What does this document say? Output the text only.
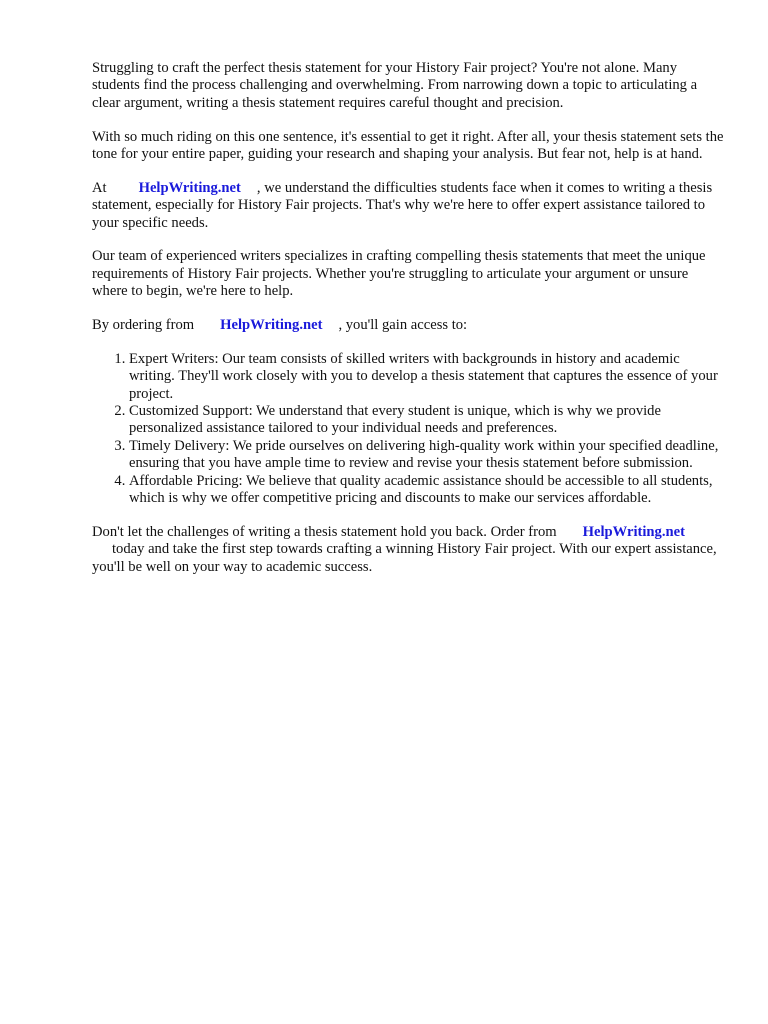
Struggling to craft the perfect thesis statement for your History Fair project? You're not alone. Many students find the process challenging and overwhelming. From narrowing down a topic to articulating a clear argument, writing a thesis statement requires careful thought and precision.

With so much riding on this one sentence, it's essential to get it right. After all, your thesis statement sets the tone for your entire paper, guiding your research and shaping your analysis. But fear not, help is at hand.

At HelpWriting.net , we understand the difficulties students face when it comes to writing a thesis statement, especially for History Fair projects. That's why we're here to offer expert assistance tailored to your specific needs.

Our team of experienced writers specializes in crafting compelling thesis statements that meet the unique requirements of History Fair projects. Whether you're struggling to articulate your argument or unsure where to begin, we're here to help.

By ordering from HelpWriting.net , you'll gain access to:

1. Expert Writers: Our team consists of skilled writers with backgrounds in history and academic writing. They'll work closely with you to develop a thesis statement that captures the essence of your project.
2. Customized Support: We understand that every student is unique, which is why we provide personalized assistance tailored to your individual needs and preferences.
3. Timely Delivery: We pride ourselves on delivering high-quality work within your specified deadline, ensuring that you have ample time to review and revise your thesis statement before submission.
4. Affordable Pricing: We believe that quality academic assistance should be accessible to all students, which is why we offer competitive pricing and discounts to make our services affordable.

Don't let the challenges of writing a thesis statement hold you back. Order from HelpWriting.net
today and take the first step towards crafting a winning History Fair project. With our expert assistance, you'll be well on your way to academic success.
